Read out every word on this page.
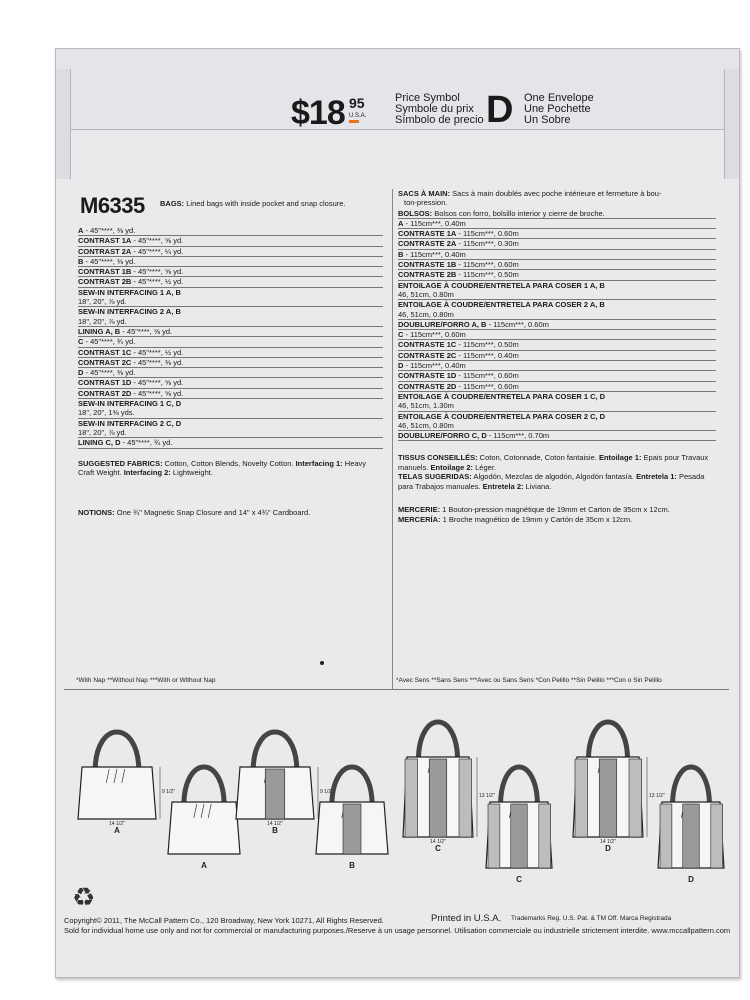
$18 95
U.S.A.
Price Symbol
Symbole du prix
Símbolo de precio D One Envelope
Une Pochette
Un Sobre
M6335 BAGS: Lined bags with inside pocket and snap closure.
A - 45"****, ⅜ yd.
CONTRAST 1A - 45"****, ⅝ yd.
CONTRAST 2A - 45"****, ¼ yd.
B - 45"****, ⅜ yd.
CONTRAST 1B - 45"****, ⅝ yd.
CONTRAST 2B - 45"****, ½ yd.
SEW-IN INTERFACING 1 A, B
18", 20", ⅞ yd.
SEW-IN INTERFACING 2 A, B
18", 20", ⅞ yd.
LINING A, B - 45"****, ⅝ yd.
C - 45"****, ¾ yd.
CONTRAST 1C - 45"****, ½ yd.
CONTRAST 2C - 45"****, ⅜ yd.
D - 45"****, ⅜ yd.
CONTRAST 1D - 45"****, ⅝ yd.
CONTRAST 2D - 45"****, ⅝ yd.
SEW-IN INTERFACING 1 C, D
18", 20", 1⅜ yds.
SEW-IN INTERFACING 2 C, D
18", 20", ⅞ yd.
LINING C, D - 45"****, ¾ yd.
SUGGESTED FABRICS: Cotton, Cotton Blends, Novelty Cotton. Interfacing 1: Heavy Craft Weight. Interfacing 2: Lightweight.
NOTIONS: One ¾" Magnetic Snap Closure and 14" x 4¾" Cardboard.
SACS À MAIN: Sacs à main doublés avec poche intérieure et fermeture à bou-
ton-pression.
BOLSOS: Bolsos con forro, bolsillo interior y cierre de broche.
A - 115cm***, 0.40m
CONTRASTE 1A - 115cm***, 0.60m
CONTRASTE 2A - 115cm***, 0.30m
B - 115cm***, 0.40m
CONTRASTE 1B - 115cm***, 0.60m
CONTRASTE 2B - 115cm***, 0.50m
ENTOILAGE À COUDRE/ENTRETELA PARA COSER 1 A, B
46, 51cm, 0.80m
ENTOILAGE À COUDRE/ENTRETELA PARA COSER 2 A, B
46, 51cm, 0.80m
DOUBLURE/FORRO A, B - 115cm***, 0.60m
C - 115cm***, 0.60m
CONTRASTE 1C - 115cm***, 0.50m
CONTRASTE 2C - 115cm***, 0.40m
D - 115cm***, 0.40m
CONTRASTE 1D - 115cm***, 0.60m
CONTRASTE 2D - 115cm***, 0.60m
ENTOILAGE À COUDRE/ENTRETELA PARA COSER 1 C, D
46, 51cm, 1.30m
ENTOILAGE À COUDRE/ENTRETELA PARA COSER 2 C, D
46, 51cm, 0.80m
DOUBLURE/FORRO C, D - 115cm***, 0.70m
TISSUS CONSEILLÉS: Coton, Cotonnade, Coton fantaisie. Entoilage 1: Epais pour Travaux manuels. Entoilage 2: Léger.
TELAS SUGERIDAS: Algodón, Mezclas de algodón, Algodón fantasía. Entretela 1: Pesada para Trabajos manuales. Entretela 2: Liviana.
MERCERIE: 1 Bouton-pression magnétique de 19mm et Carton de 35cm x 12cm.
MERCERÍA: 1 Broche magnético de 19mm y Cartón de 35cm x 12cm.
*With Nap **Without Nap ***With or Without Nap	*Avec Sens **Sans Sens ***Avec ou Sans Sens *Con Pelillo **Sin Pelillo ***Con o Sin Pelillo
A
14 1/2"
9 1/2"
A
B
14 1/2"
9 1/2"
B
C
14 1/2"
13 1/2"
C
D
14 1/2"
13 1/2"
D
♻
Copyright© 2011, The McCall Pattern Co., 120 Broadway, New York 10271, All Rights Reserved.
Sold for individual home use only and not for commercial or manufacturing purposes./Reserve à un usage personnel. Utilisation commerciale ou industrielle strictement interdite. www.mccallpattern.com
Printed in U.S.A. Trademarks Reg. U.S. Pat. & TM Off. Marca Registrada
